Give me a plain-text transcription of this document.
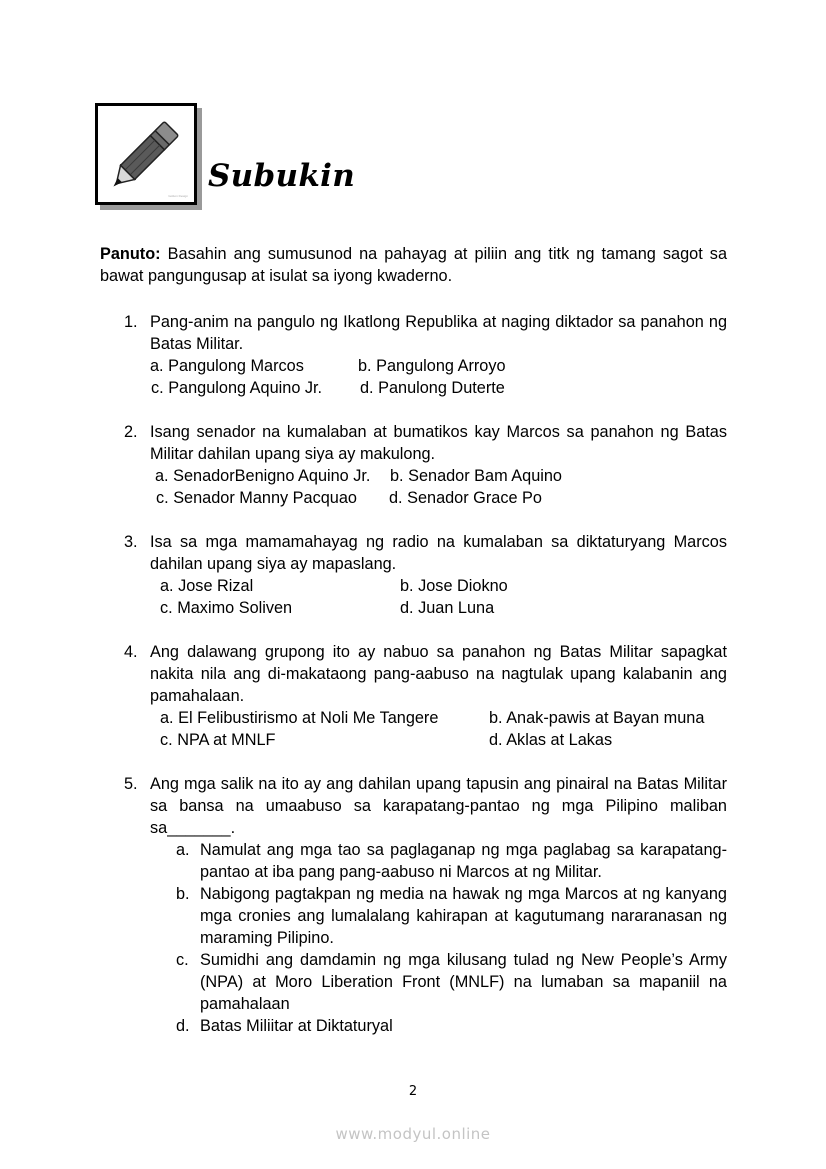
Gollum Design
Subukin
Panuto: Basahin ang sumusunod na pahayag at piliin ang titk ng tamang sagot sa bawat pangungusap at isulat sa iyong kwaderno.
1. Pang-anim na pangulo ng Ikatlong Republika at naging diktador sa panahon ng Batas Militar.
a. Pangulong Marcos	b. Pangulong Arroyo
c. Pangulong Aquino Jr. d. Panulong Duterte
2. Isang senador na kumalaban at bumatikos kay Marcos sa panahon ng Batas Militar dahilan upang siya ay makulong.
a. SenadorBenigno Aquino Jr. b. Senador Bam Aquino
c. Senador Manny Pacquao d. Senador Grace Po
3. Isa sa mga mamamahayag ng radio na kumalaban sa diktaturyang Marcos dahilan upang siya ay mapaslang.
a. Jose Rizal	b. Jose Diokno
c. Maximo Soliven	d. Juan Luna
4. Ang dalawang grupong ito ay nabuo sa panahon ng Batas Militar sapagkat nakita nila ang di-makataong pang-aabuso na nagtulak upang kalabanin ang pamahalaan.
a. El Felibustirismo at Noli Me Tangere	b. Anak-pawis at Bayan muna
c. NPA at MNLF	d. Aklas at Lakas
5. Ang mga salik na ito ay ang dahilan upang tapusin ang pinairal na Batas Militar sa bansa na umaabuso sa karapatang-pantao ng mga Pilipino maliban sa_______.
a. Namulat ang mga tao sa paglaganap ng mga paglabag sa karapatang-pantao at iba pang pang-aabuso ni Marcos at ng Militar.
b. Nabigong pagtakpan ng media na hawak ng mga Marcos at ng kanyang mga cronies ang lumalalang kahirapan at kagutumang nararanasan ng maraming Pilipino.
c. Sumidhi ang damdamin ng mga kilusang tulad ng New People’s Army (NPA) at Moro Liberation Front (MNLF) na lumaban sa mapaniil na pamahalaan
d. Batas Miliitar at Diktaturyal
2
www.modyul.online
